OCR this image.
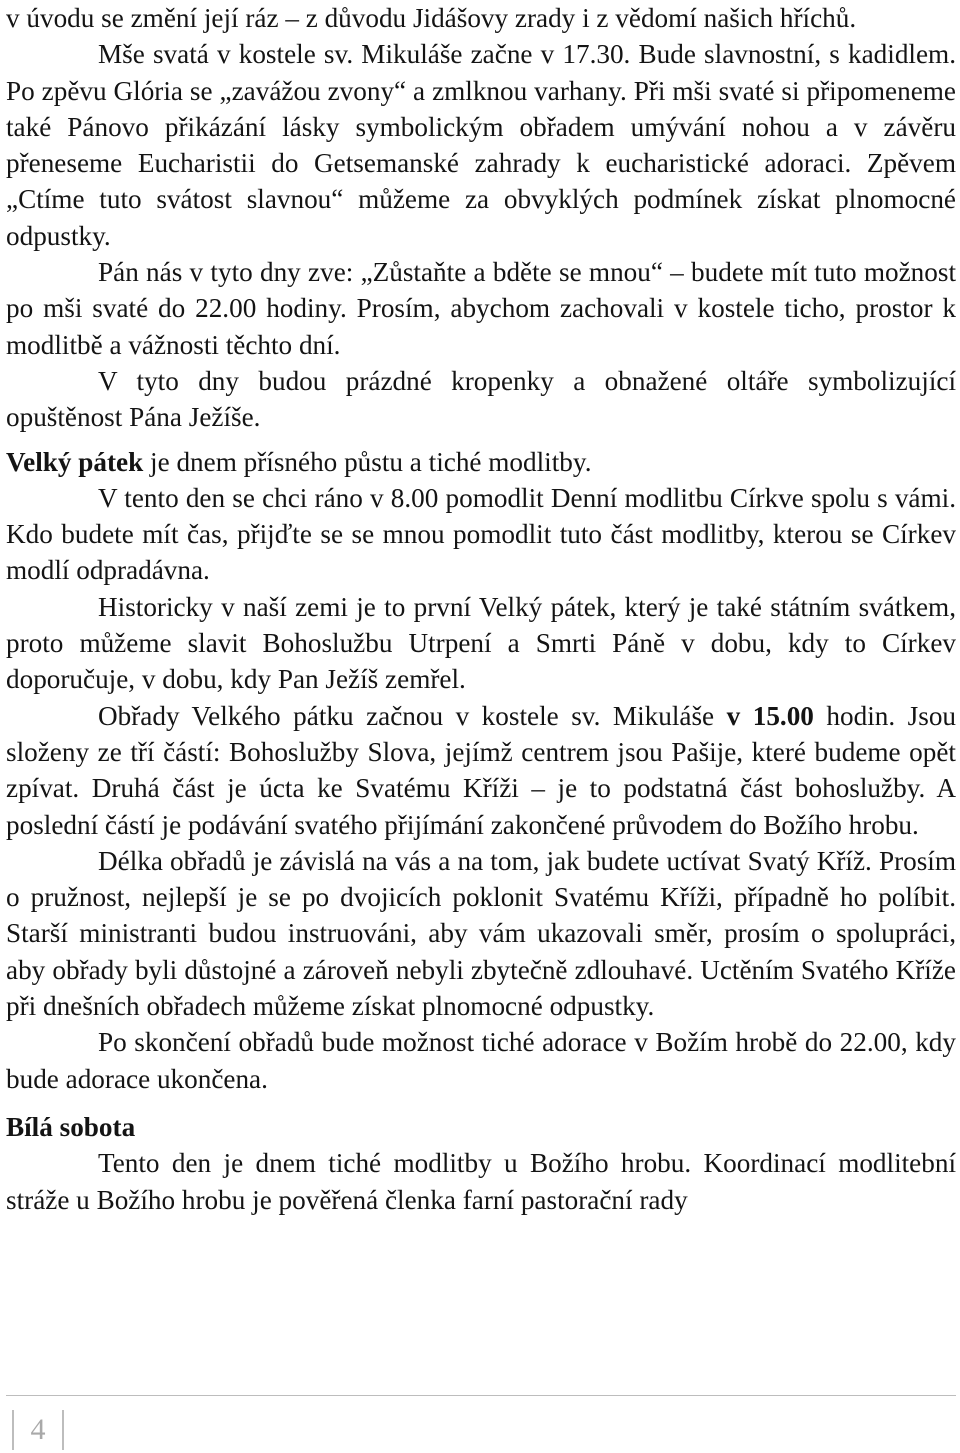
v úvodu se změní její ráz – z důvodu Jidášovy zrady i z vědomí našich hříchů.

Mše svatá v kostele sv. Mikuláše začne v 17.30. Bude slavnostní, s kadidlem. Po zpěvu Glória se „zavážou zvony“ a zmlknou varhany. Při mši svaté si připomeneme také Pánovo přikázání lásky symbolickým obřadem umývání nohou a v závěru přeneseme Eucharistii do Getsemanské zahrady k eucharistické adoraci. Zpěvem „Ctíme tuto svátost slavnou“ můžeme za obvyklých podmínek získat plnomocné odpustky.

Pán nás v tyto dny zve: „Zůstaňte a bděte se mnou“ – budete mít tuto možnost po mši svaté do 22.00 hodiny. Prosím, abychom zachovali v kostele ticho, prostor k modlitbě a vážnosti těchto dní.

V tyto dny budou prázdné kropenky a obnažené oltáře symbolizující opuštěnost Pána Ježíše.

Velký pátek je dnem přísného půstu a tiché modlitby.

V tento den se chci ráno v 8.00 pomodlit Denní modlitbu Církve spolu s vámi. Kdo budete mít čas, přijďte se se mnou pomodlit tuto část modlitby, kterou se Církev modlí odpradávna.

Historicky v naší zemi je to první Velký pátek, který je také státním svátkem, proto můžeme slavit Bohoslužbu Utrpení a Smrti Páně v dobu, kdy to Církev doporučuje, v dobu, kdy Pan Ježíš zemřel.

Obřady Velkého pátku začnou v kostele sv. Mikuláše v 15.00 hodin. Jsou složeny ze tří částí: Bohoslužby Slova, jejímž centrem jsou Pašije, které budeme opět zpívat. Druhá část je úcta ke Svatému Kříži – je to podstatná část bohoslužby. A poslední částí je podávání svatého přijímání zakončené průvodem do Božího hrobu.

Délka obřadů je závislá na vás a na tom, jak budete uctívat Svatý Kříž. Prosím o pružnost, nejlepší je se po dvojicích poklonit Svatému Kříži, případně ho políbit. Starší ministranti budou instruováni, aby vám ukazovali směr, prosím o spolupráci, aby obřady byli důstojné a zároveň nebyli zbytečně zdlouhavé. Uctěním Svatého Kříže při dnešních obřadech můžeme získat plnomocné odpustky.

Po skončení obřadů bude možnost tiché adorace v Božím hrobě do 22.00, kdy bude adorace ukončena.

Bílá sobota

Tento den je dnem tiché modlitby u Božího hrobu. Koordinací modlitební stráže u Božího hrobu je pověřená členka farní pastorační rady

4
